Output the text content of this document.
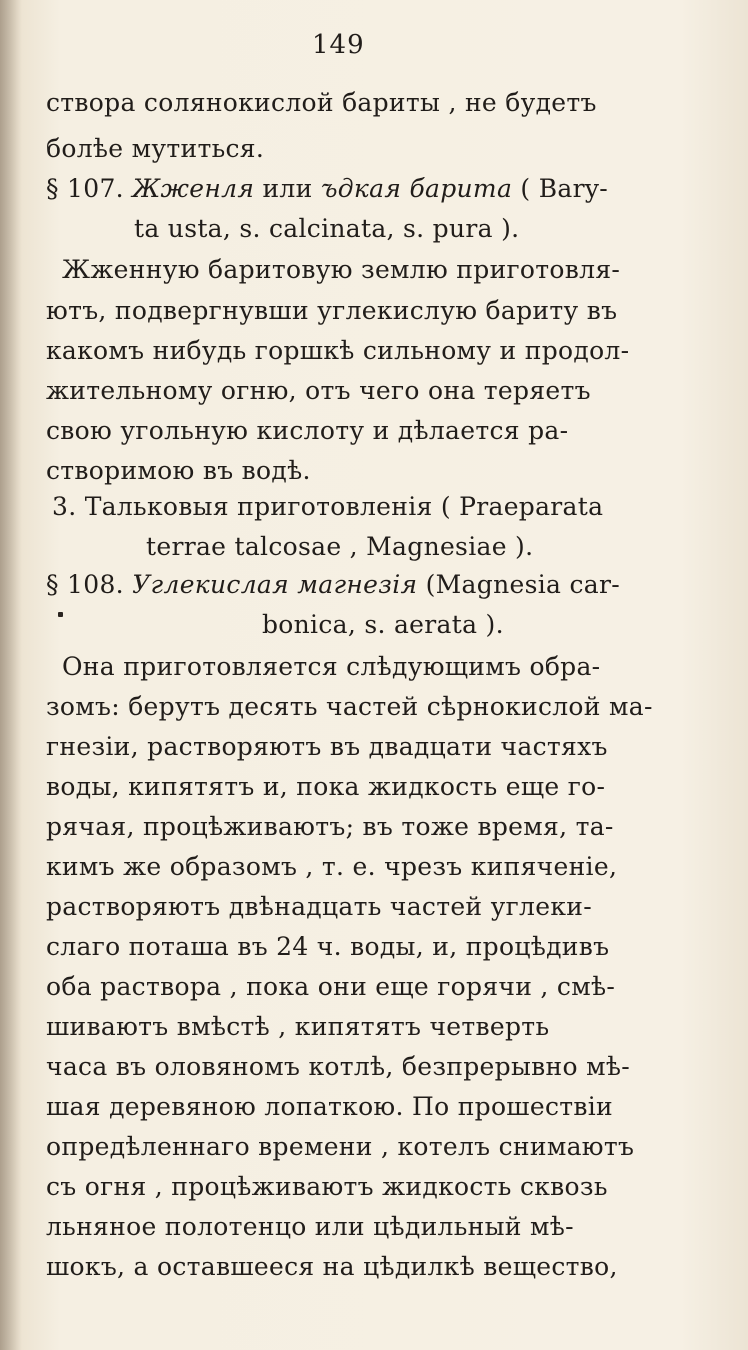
149
створа солянокислой бариты , не будетъ
болѣе мутиться.
§ 107. Жженля или ъдкая барита ( Bary-
ta usta, s. calcinata, s. pura ).
Жженную баритовую землю приготовля-
ютъ, подвергнувши углекислую бариту въ
какомъ нибудь горшкѣ сильному и продол-
жительному огню, отъ чего она теряетъ
свою угольную кислоту и дѣлается ра-
створимою въ водѣ.
3. Тальковыя приготовленія ( Praeparata
terrae talcosae , Magnesiae ).
§ 108. Углекислая магнезія (Magnesia car-
bonica, s. aerata ).
Она приготовляется слѣдующимъ обра-
зомъ: берутъ десять частей сѣрнокислой ма-
гнезіи, растворяютъ въ двадцати частяхъ
воды, кипятятъ и, пока жидкость еще го-
рячая, процѣживаютъ; въ тоже время, та-
кимъ же образомъ , т. е. чрезъ кипяченіе,
растворяютъ двѣнадцать частей углеки-
слаго поташа въ 24 ч. воды, и, процѣдивъ
оба раствора , пока они еще горячи , смѣ-
шиваютъ вмѣстѣ , кипятятъ четверть
часа въ оловяномъ котлѣ, безпрерывно мѣ-
шая деревяною лопаткою. По прошествіи
опредѣленнаго времени , котелъ снимаютъ
съ огня , процѣживаютъ жидкость сквозь
льняное полотенцо или цѣдильный мѣ-
шокъ, а оставшееся на цѣдилкѣ вещество,
